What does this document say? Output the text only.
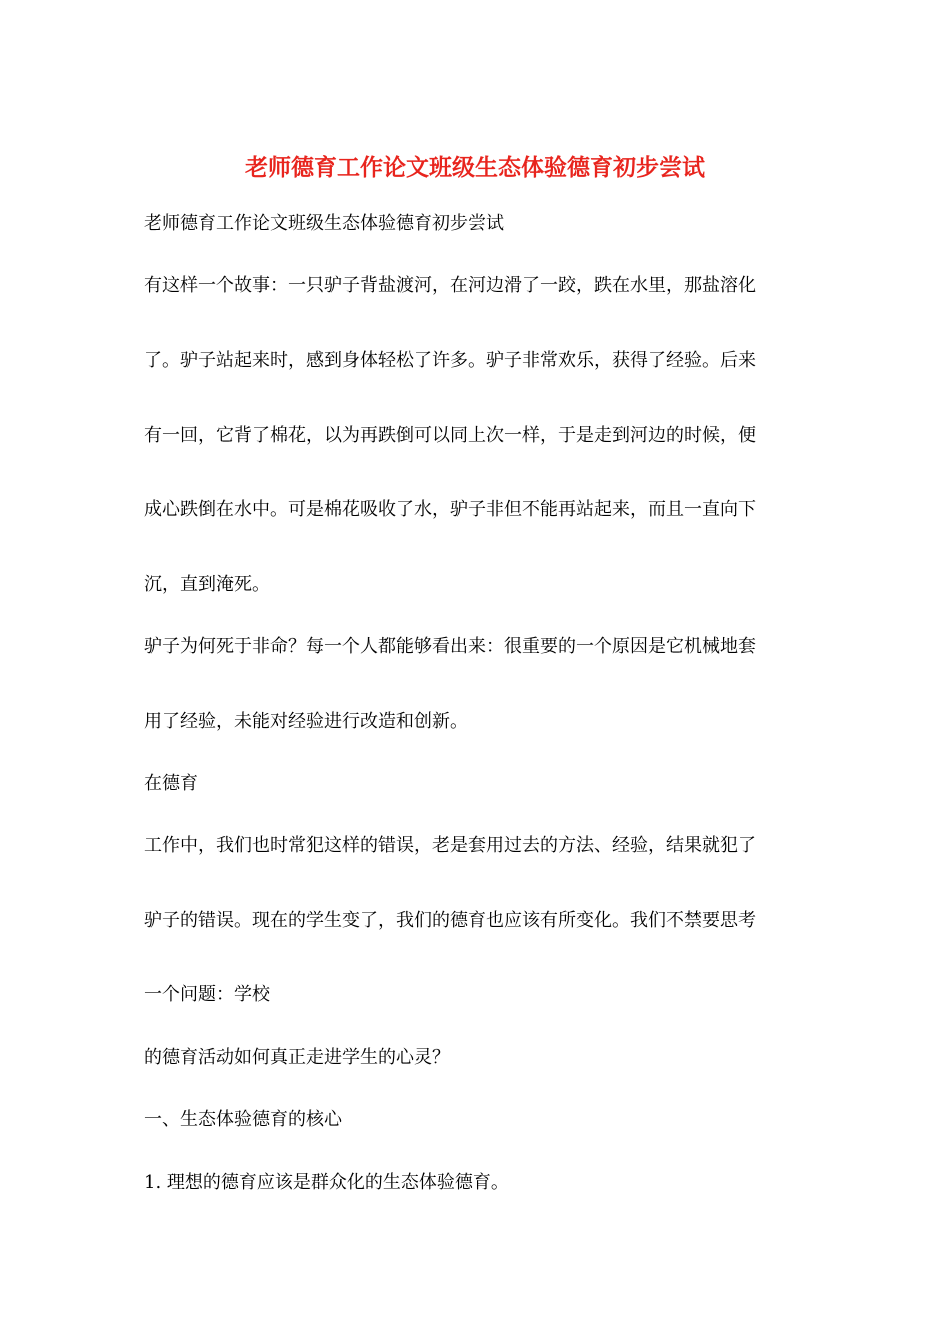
老师德育工作论文班级生态体验德育初步尝试

老师德育工作论文班级生态体验德育初步尝试

有这样一个故事：一只驴子背盐渡河，在河边滑了一跤，跌在水里，那盐溶化

了。驴子站起来时，感到身体轻松了许多。驴子非常欢乐，获得了经验。后来

有一回，它背了棉花，以为再跌倒可以同上次一样，于是走到河边的时候，便

成心跌倒在水中。可是棉花吸收了水，驴子非但不能再站起来，而且一直向下

沉，直到淹死。

驴子为何死于非命？每一个人都能够看出来：很重要的一个原因是它机械地套

用了经验，未能对经验进行改造和创新。

在德育

工作中，我们也时常犯这样的错误，老是套用过去的方法、经验，结果就犯了

驴子的错误。现在的学生变了，我们的德育也应该有所变化。我们不禁要思考

一个问题：学校

的德育活动如何真正走进学生的心灵？

一、生态体验德育的核心

1. 理想的德育应该是群众化的生态体验德育。
